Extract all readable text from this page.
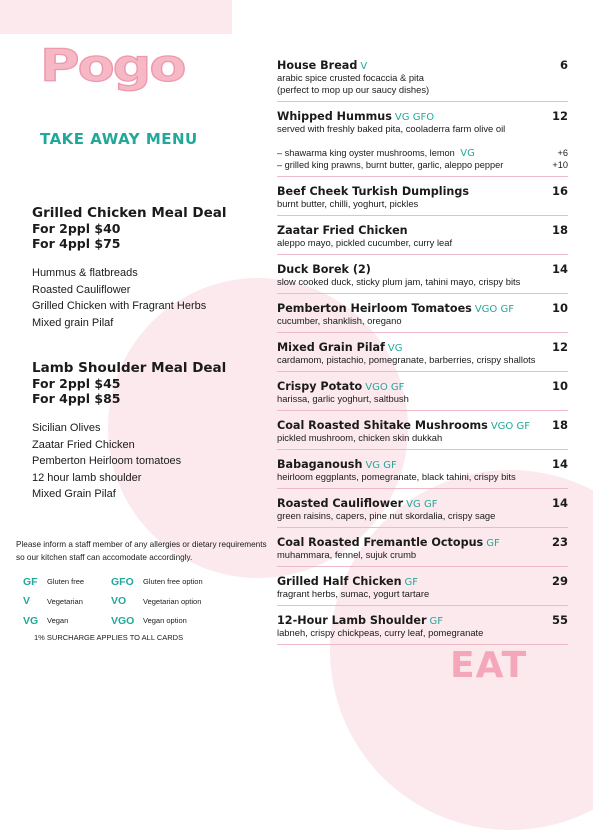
Pogo
TAKE AWAY MENU
Grilled Chicken Meal Deal
For 2ppl $40
For 4ppl $75
Hummus & flatbreads
Roasted Cauliflower
Grilled Chicken with Fragrant Herbs
Mixed grain Pilaf
Lamb Shoulder Meal Deal
For 2ppl $45
For 4ppl $85
Sicilian Olives
Zaatar Fried Chicken
Pemberton Heirloom tomatoes
12 hour lamb shoulder
Mixed Grain Pilaf
Please inform a staff member of any allergies or dietary requirements so our kitchen staff can accomodate accordingly.
GF	Gluten free	GFO	Gluten free option
V	Vegetarian	VO	Vegetarian option
VG	Vegan	VGO	Vegan option
1% SURCHARGE APPLIES TO ALL CARDS
House Bread V	6
arabic spice crusted focaccia & pita (perfect to mop up our saucy dishes)
Whipped Hummus VG GFO	12
served with freshly baked pita, cooladerra farm olive oil
– shawarma king oyster mushrooms, lemon VG	+6
– grilled king prawns, burnt butter, garlic, aleppo pepper	+10
Beef Cheek Turkish Dumplings	16
burnt butter, chilli, yoghurt, pickles
Zaatar Fried Chicken	18
aleppo mayo, pickled cucumber, curry leaf
Duck Borek (2)	14
slow cooked duck, sticky plum jam, tahini mayo, crispy bits
Pemberton Heirloom Tomatoes VGO GF	10
cucumber, shanklish, oregano
Mixed Grain Pilaf VG	12
cardamom, pistachio, pomegranate, barberries, crispy shallots
Crispy Potato VGO GF	10
harissa, garlic yoghurt, saltbush
Coal Roasted Shitake Mushrooms VGO GF 18
pickled mushroom, chicken skin dukkah
Babaganoush VG GF	14
heirloom eggplants, pomegranate, black tahini, crispy bits
Roasted Cauliflower VG GF	14
green raisins, capers, pine nut skordalia, crispy sage
Coal Roasted Fremantle Octopus GF	23
muhammara, fennel, sujuk crumb
Grilled Half Chicken GF	29
fragrant herbs, sumac, yogurt tartare
12-Hour Lamb Shoulder GF	55
labneh, crispy chickpeas, curry leaf, pomegranate
EAT
